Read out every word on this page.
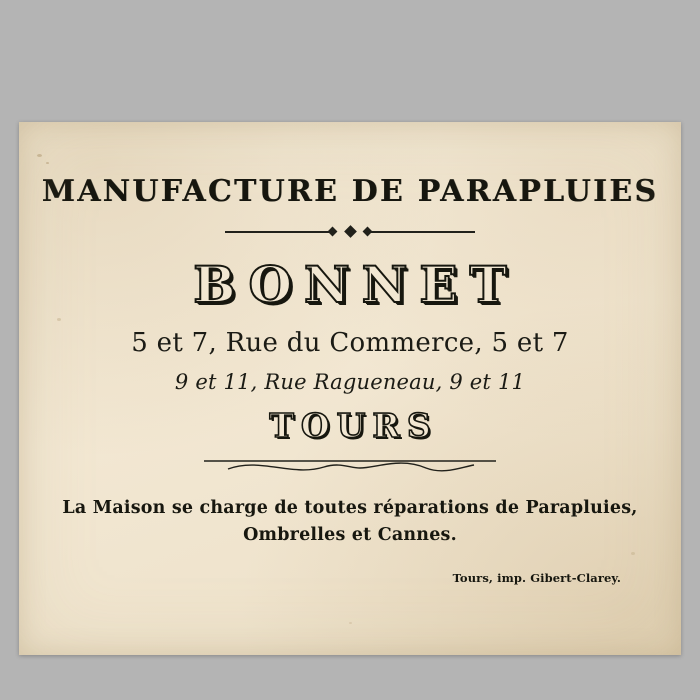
MANUFACTURE DE PARAPLUIES
BONNET
5 et 7, Rue du Commerce, 5 et 7
9 et 11, Rue Ragueneau, 9 et 11
TOURS
La Maison se charge de toutes réparations de Parapluies,
Ombrelles et Cannes.
Tours, imp. Gibert-Clarey.
